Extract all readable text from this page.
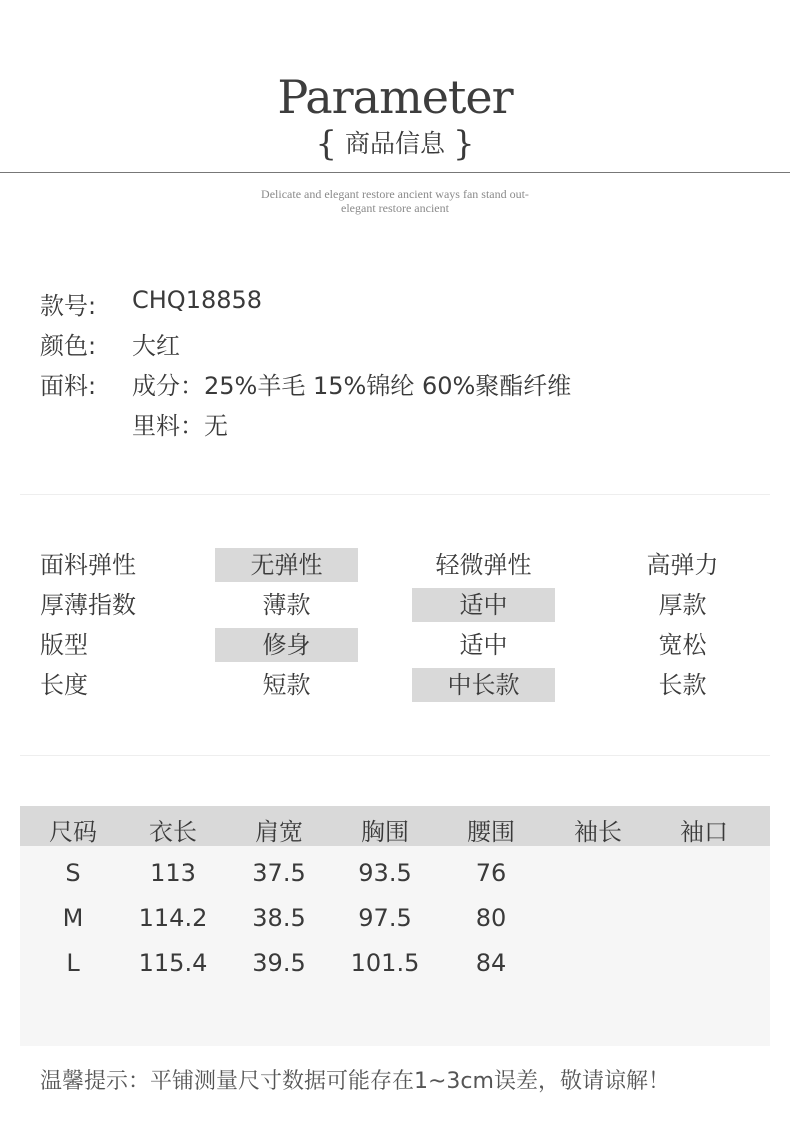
Parameter
{ 商品信息 }
Delicate and elegant restore ancient ways fan stand out-
elegant restore ancient
款号:	CHQ18858
颜色:	大红
面料:	成分：25%羊毛 15%锦纶 60%聚酯纤维
里料：无
面料弹性	无弹性	轻微弹性	高弹力
厚薄指数	薄款	适中	厚款
版型	修身	适中	宽松
长度	短款	中长款	长款
尺码	衣长	肩宽	胸围	腰围	袖长	袖口
S	113	37.5	93.5	76
M	114.2	38.5	97.5	80
L	115.4	39.5	101.5	84
温馨提示：平铺测量尺寸数据可能存在1~3cm误差，敬请谅解！
